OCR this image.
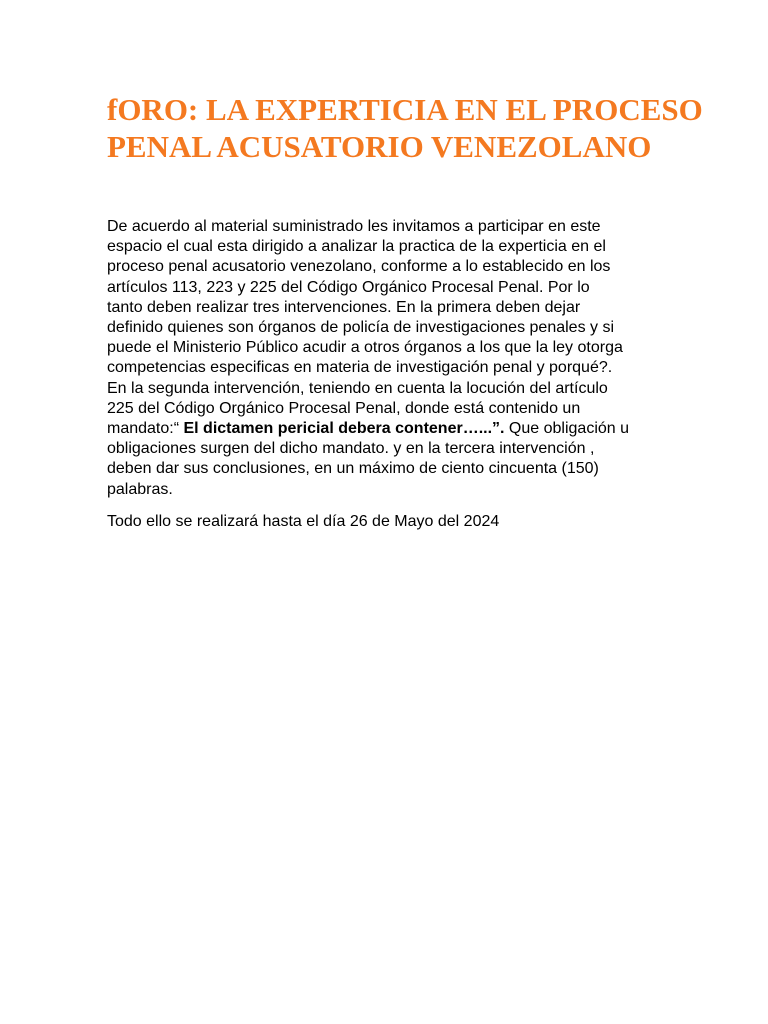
fORO: LA EXPERTICIA EN EL PROCESO PENAL ACUSATORIO VENEZOLANO
De acuerdo al material suministrado les invitamos a participar en este
espacio el cual esta dirigido a analizar la practica de la experticia en el
proceso penal acusatorio venezolano, conforme a lo establecido en los
artículos 113, 223 y 225 del Código Orgánico Procesal Penal. Por lo
tanto deben realizar tres intervenciones. En la primera deben dejar
definido quienes son órganos de policía de investigaciones penales y si
puede el Ministerio Público acudir a otros órganos a los que la ley otorga
competencias especificas en materia de investigación penal y porqué?.
En la segunda intervención, teniendo en cuenta la locución del artículo
225 del Código Orgánico Procesal Penal, donde está contenido un
mandato:“ El dictamen pericial debera contener…...”. Que obligación u
obligaciones surgen del dicho mandato. y en la tercera intervención ,
deben dar sus conclusiones, en un máximo de ciento cincuenta (150)
palabras.

Todo ello se realizará hasta el día 26 de Mayo del 2024
